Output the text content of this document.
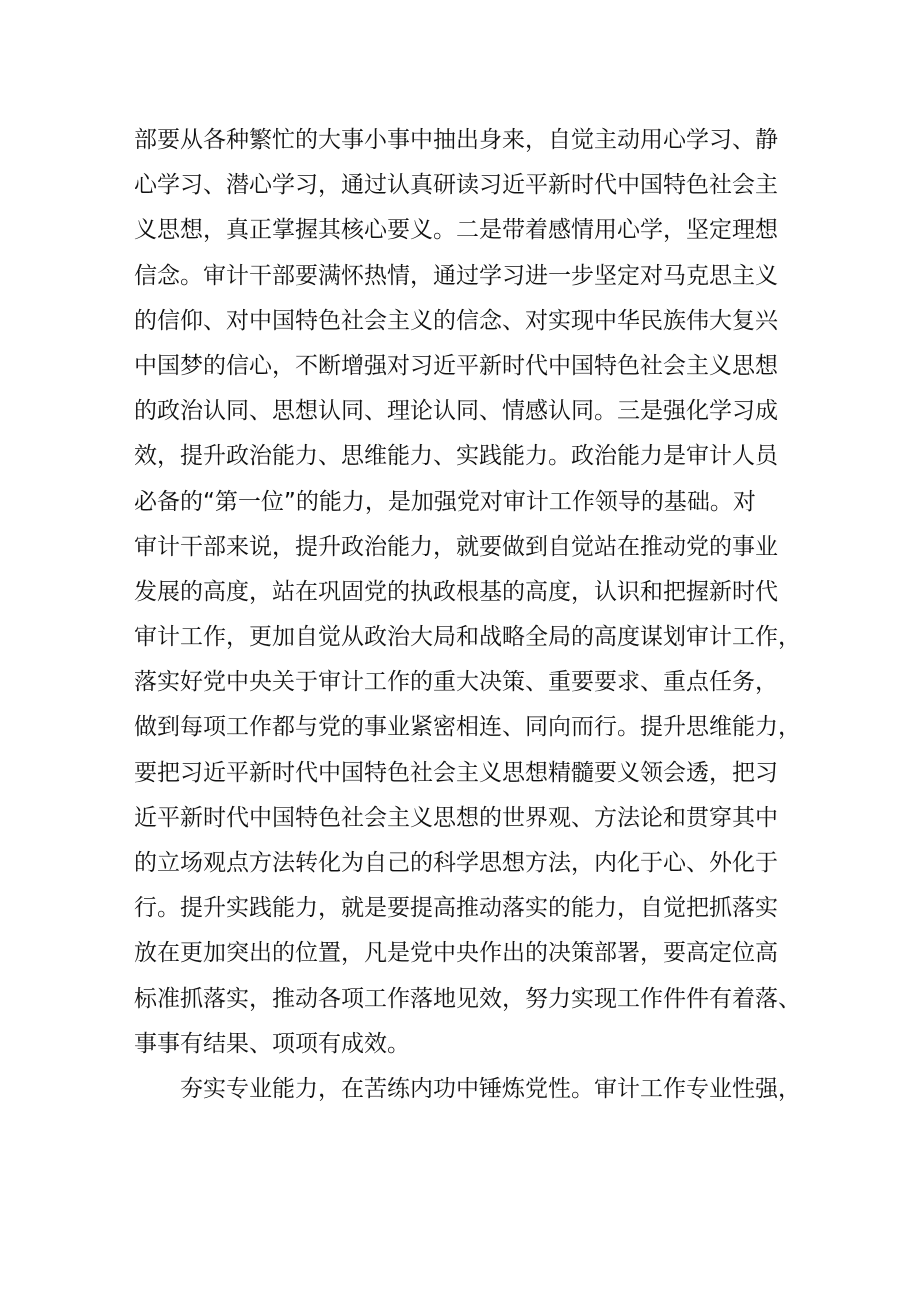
部要从各种繁忙的大事小事中抽出身来，自觉主动用心学习、静
心学习、潜心学习，通过认真研读习近平新时代中国特色社会主
义思想，真正掌握其核心要义。二是带着感情用心学，坚定理想
信念。审计干部要满怀热情，通过学习进一步坚定对马克思主义
的信仰、对中国特色社会主义的信念、对实现中华民族伟大复兴
中国梦的信心，不断增强对习近平新时代中国特色社会主义思想
的政治认同、思想认同、理论认同、情感认同。三是强化学习成
效，提升政治能力、思维能力、实践能力。政治能力是审计人员
必备的“第一位”的能力，是加强党对审计工作领导的基础。对
审计干部来说，提升政治能力，就要做到自觉站在推动党的事业
发展的高度，站在巩固党的执政根基的高度，认识和把握新时代
审计工作，更加自觉从政治大局和战略全局的高度谋划审计工作，
落实好党中央关于审计工作的重大决策、重要要求、重点任务，
做到每项工作都与党的事业紧密相连、同向而行。提升思维能力，
要把习近平新时代中国特色社会主义思想精髓要义领会透，把习
近平新时代中国特色社会主义思想的世界观、方法论和贯穿其中
的立场观点方法转化为自己的科学思想方法，内化于心、外化于
行。提升实践能力，就是要提高推动落实的能力，自觉把抓落实
放在更加突出的位置，凡是党中央作出的决策部署，要高定位高
标准抓落实，推动各项工作落地见效，努力实现工作件件有着落、
事事有结果、项项有成效。
夯实专业能力，在苦练内功中锤炼党性。审计工作专业性强，
